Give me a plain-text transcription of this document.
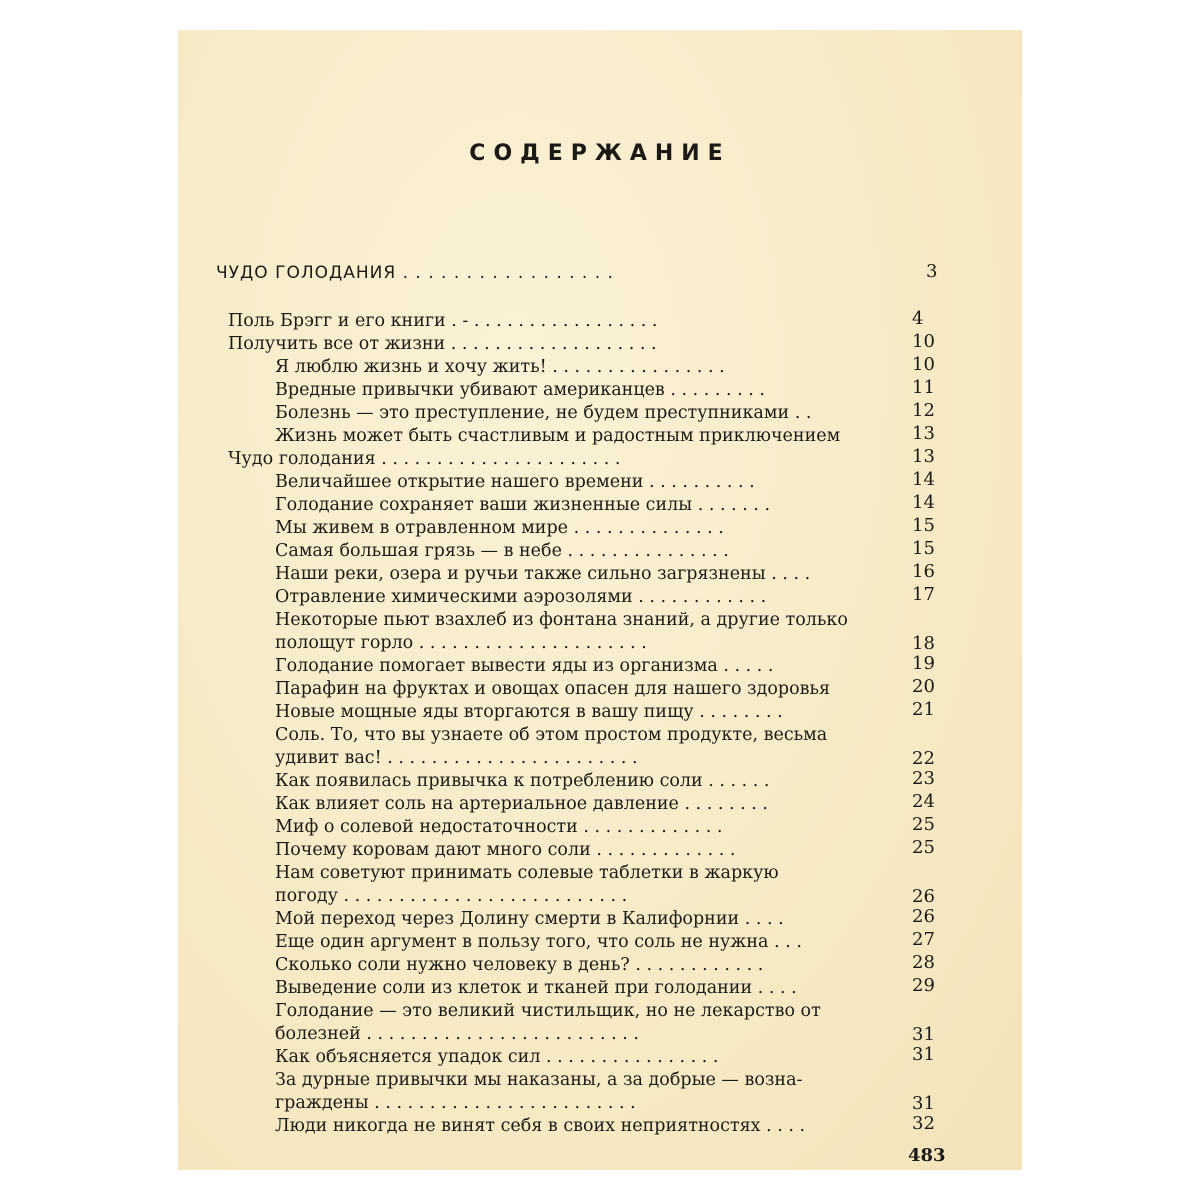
СОДЕРЖАНИЕ
ЧУДО ГОЛОДАНИЯ . . . . . . . . . . . . . . . . .	3
Поль Брэгг и его книги . - . . . . . . . . . . . . . . . . .	4
Получить все от жизни . . . . . . . . . . . . . . . . . . .	10
Я люблю жизнь и хочу жить! . . . . . . . . . . . . . . . .	10
Вредные привычки убивают американцев . . . . . . . . .	11
Болезнь — это преступление, не будем преступниками . .	12
Жизнь может быть счастливым и радостным приключением	13
Чудо голодания . . . . . . . . . . . . . . . . . . . . . .	13
Величайшее открытие нашего времени . . . . . . . . . .	14
Голодание сохраняет ваши жизненные силы . . . . . . .	14
Мы живем в отравленном мире . . . . . . . . . . . . . .	15
Самая большая грязь — в небе . . . . . . . . . . . . . . .	15
Наши реки, озера и ручьи также сильно загрязнены . . . .	16
Отравление химическими аэрозолями . . . . . . . . . . . .	17
Некоторые пьют взахлеб из фонтана знаний, а другие только
полощут горло . . . . . . . . . . . . . . . . . . . . .	18
Голодание помогает вывести яды из организма . . . . .	19
Парафин на фруктах и овощах опасен для нашего здоровья	20
Новые мощные яды вторгаются в вашу пищу . . . . . . . .	21
Соль. То, что вы узнаете об этом простом продукте, весьма
удивит вас! . . . . . . . . . . . . . . . . . . . . . . .	22
Как появилась привычка к потреблению соли . . . . . .	23
Как влияет соль на артериальное давление . . . . . . . .	24
Миф о солевой недостаточности . . . . . . . . . . . . .	25
Почему коровам дают много соли . . . . . . . . . . . . .	25
Нам советуют принимать солевые таблетки в жаркую
погоду . . . . . . . . . . . . . . . . . . . . . . . . . .	26
Мой переход через Долину смерти в Калифорнии . . . .	26
Еще один аргумент в пользу того, что соль не нужна . . .	27
Сколько соли нужно человеку в день? . . . . . . . . . . . .	28
Выведение соли из клеток и тканей при голодании . . . .	29
Голодание — это великий чистильщик, но не лекарство от
болезней . . . . . . . . . . . . . . . . . . . . . . . . .	31
Как объясняется упадок сил . . . . . . . . . . . . . . . .	31
За дурные привычки мы наказаны, а за добрые — возна-
граждены . . . . . . . . . . . . . . . . . . . . . . . .	31
Люди никогда не винят себя в своих неприятностях . . . .	32
483
